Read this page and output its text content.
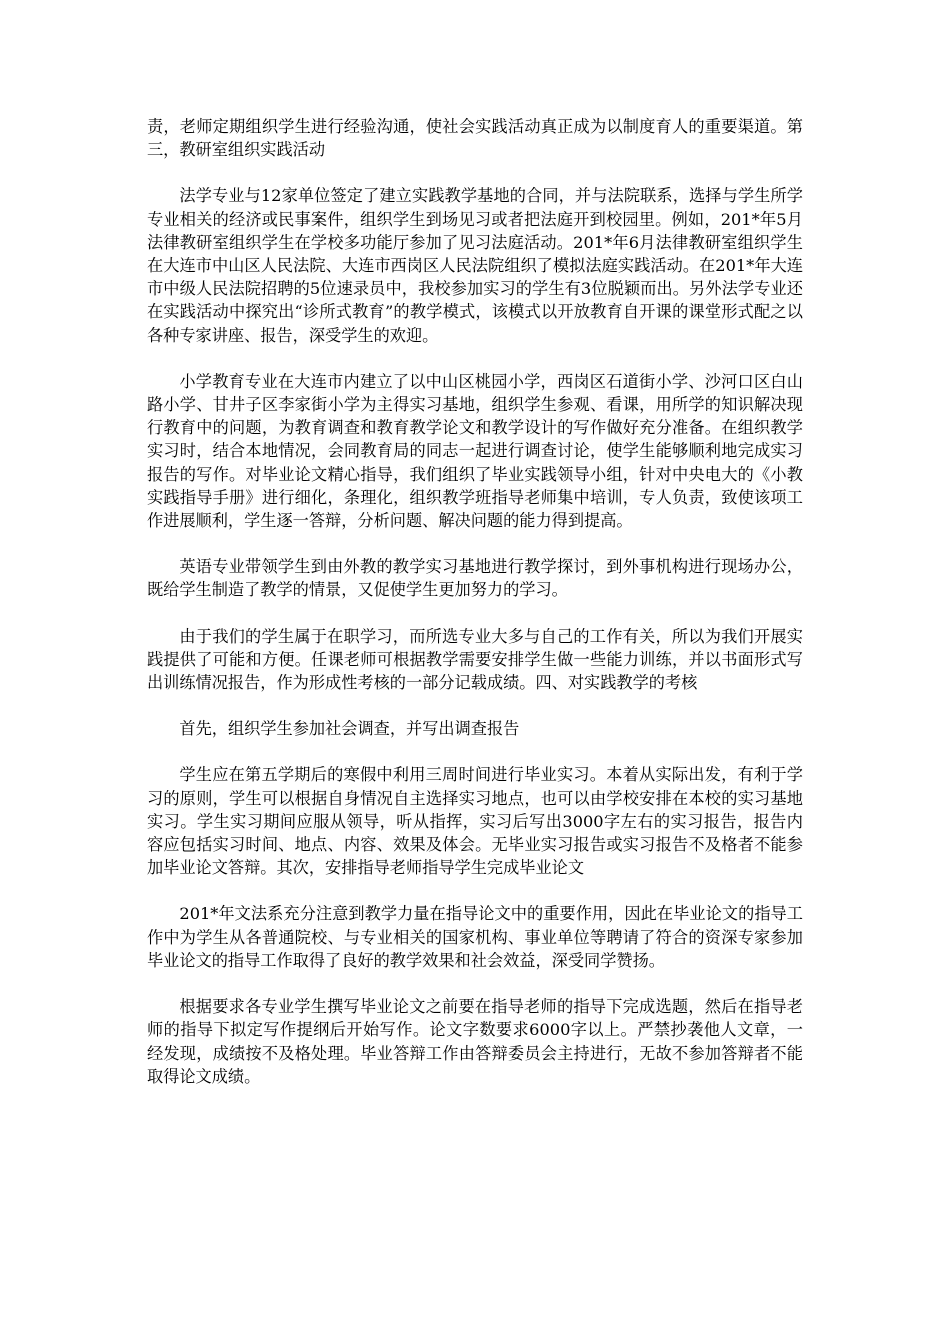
责，老师定期组织学生进行经验沟通，使社会实践活动真正成为以制度育人的重要渠道。第三，教研室组织实践活动

法学专业与12家单位签定了建立实践教学基地的合同，并与法院联系，选择与学生所学专业相关的经济或民事案件，组织学生到场见习或者把法庭开到校园里。例如，201*年5月法律教研室组织学生在学校多功能厅参加了见习法庭活动。201*年6月法律教研室组织学生在大连市中山区人民法院、大连市西岗区人民法院组织了模拟法庭实践活动。在201*年大连市中级人民法院招聘的5位速录员中，我校参加实习的学生有3位脱颖而出。另外法学专业还在实践活动中探究出“诊所式教育”的教学模式，该模式以开放教育自开课的课堂形式配之以各种专家讲座、报告，深受学生的欢迎。

小学教育专业在大连市内建立了以中山区桃园小学，西岗区石道街小学、沙河口区白山路小学、甘井子区李家街小学为主得实习基地，组织学生参观、看课，用所学的知识解决现行教育中的问题，为教育调查和教育教学论文和教学设计的写作做好充分准备。在组织教学实习时，结合本地情况，会同教育局的同志一起进行调查讨论，使学生能够顺利地完成实习报告的写作。对毕业论文精心指导，我们组织了毕业实践领导小组，针对中央电大的《小教实践指导手册》进行细化，条理化，组织教学班指导老师集中培训，专人负责，致使该项工作进展顺利，学生逐一答辩，分析问题、解决问题的能力得到提高。

英语专业带领学生到由外教的教学实习基地进行教学探讨，到外事机构进行现场办公，既给学生制造了教学的情景，又促使学生更加努力的学习。

由于我们的学生属于在职学习，而所选专业大多与自己的工作有关，所以为我们开展实践提供了可能和方便。任课老师可根据教学需要安排学生做一些能力训练，并以书面形式写出训练情况报告，作为形成性考核的一部分记载成绩。四、对实践教学的考核

首先，组织学生参加社会调查，并写出调查报告

学生应在第五学期后的寒假中利用三周时间进行毕业实习。本着从实际出发，有利于学习的原则，学生可以根据自身情况自主选择实习地点，也可以由学校安排在本校的实习基地实习。学生实习期间应服从领导，听从指挥，实习后写出3000字左右的实习报告，报告内容应包括实习时间、地点、内容、效果及体会。无毕业实习报告或实习报告不及格者不能参加毕业论文答辩。其次，安排指导老师指导学生完成毕业论文

201*年文法系充分注意到教学力量在指导论文中的重要作用，因此在毕业论文的指导工作中为学生从各普通院校、与专业相关的国家机构、事业单位等聘请了符合的资深专家参加毕业论文的指导工作取得了良好的教学效果和社会效益，深受同学赞扬。

根据要求各专业学生撰写毕业论文之前要在指导老师的指导下完成选题，然后在指导老师的指导下拟定写作提纲后开始写作。论文字数要求6000字以上。严禁抄袭他人文章，一经发现，成绩按不及格处理。毕业答辩工作由答辩委员会主持进行，无故不参加答辩者不能取得论文成绩。
